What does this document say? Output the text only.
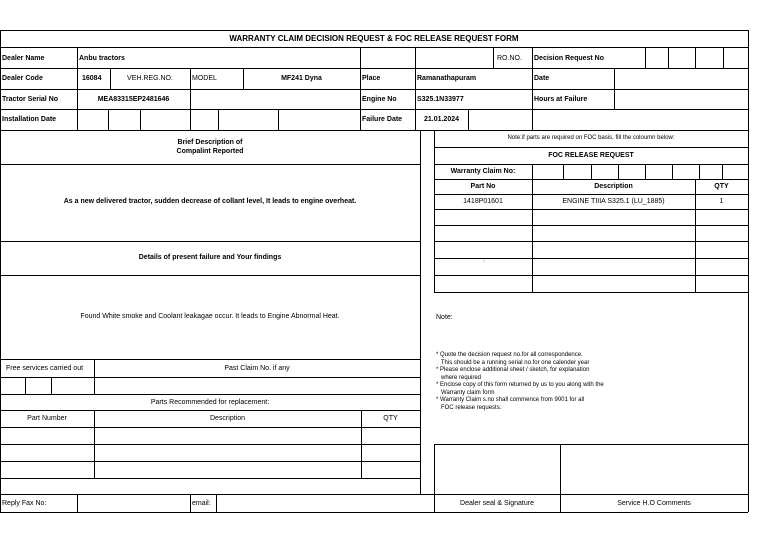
WARRANTY CLAIM DECISION REQUEST & FOC RELEASE REQUEST FORM
Dealer Name	Anbu tractors	RO.NO. Decision Request No
Dealer Code	16084	VEH.REG.NO.	MODEL	MF241 Dyna	Place	Ramanathapuram	Date
Tractor Serial No	MEA83315EP2481646	Engine No	S325.1N33977	Hours at Failure
Installation Date	Failure Date	21.01.2024
Brief Description of
Compalint Reported
As a new delivered tractor, sudden decrease of collant level, It leads to engine overheat.
Details of present failure and Your findings
Found White smoke and Coolant leakagae occur. It leads to Engine Abnormal Heat.
Note:if parts are required on FOC basis, fill the coloumn below:
FOC RELEASE REQUEST
Warranty Claim No:
Part No	Description	QTY
1418P01601	ENGINE TIIIA S325.1 (LU_1885)	1
`
Note:
* Quote the decision request no.for all correspondence.
This should be a running serial no.for one calender year
* Please enclose additional sheet / sketch, for explanation
where required
* Enclose copy of this form returned by us to you along with the
Warranty claim form
* Warranty Claim s.no shall commence from 9001 for all
FOC release requests.
Free services carried out	Past Claim No. if any
Parts Recommended for replacement:
Part Number	Description	QTY
Reply Fax No:	email:	Dealer seal & Signature	Service H.O Comments
